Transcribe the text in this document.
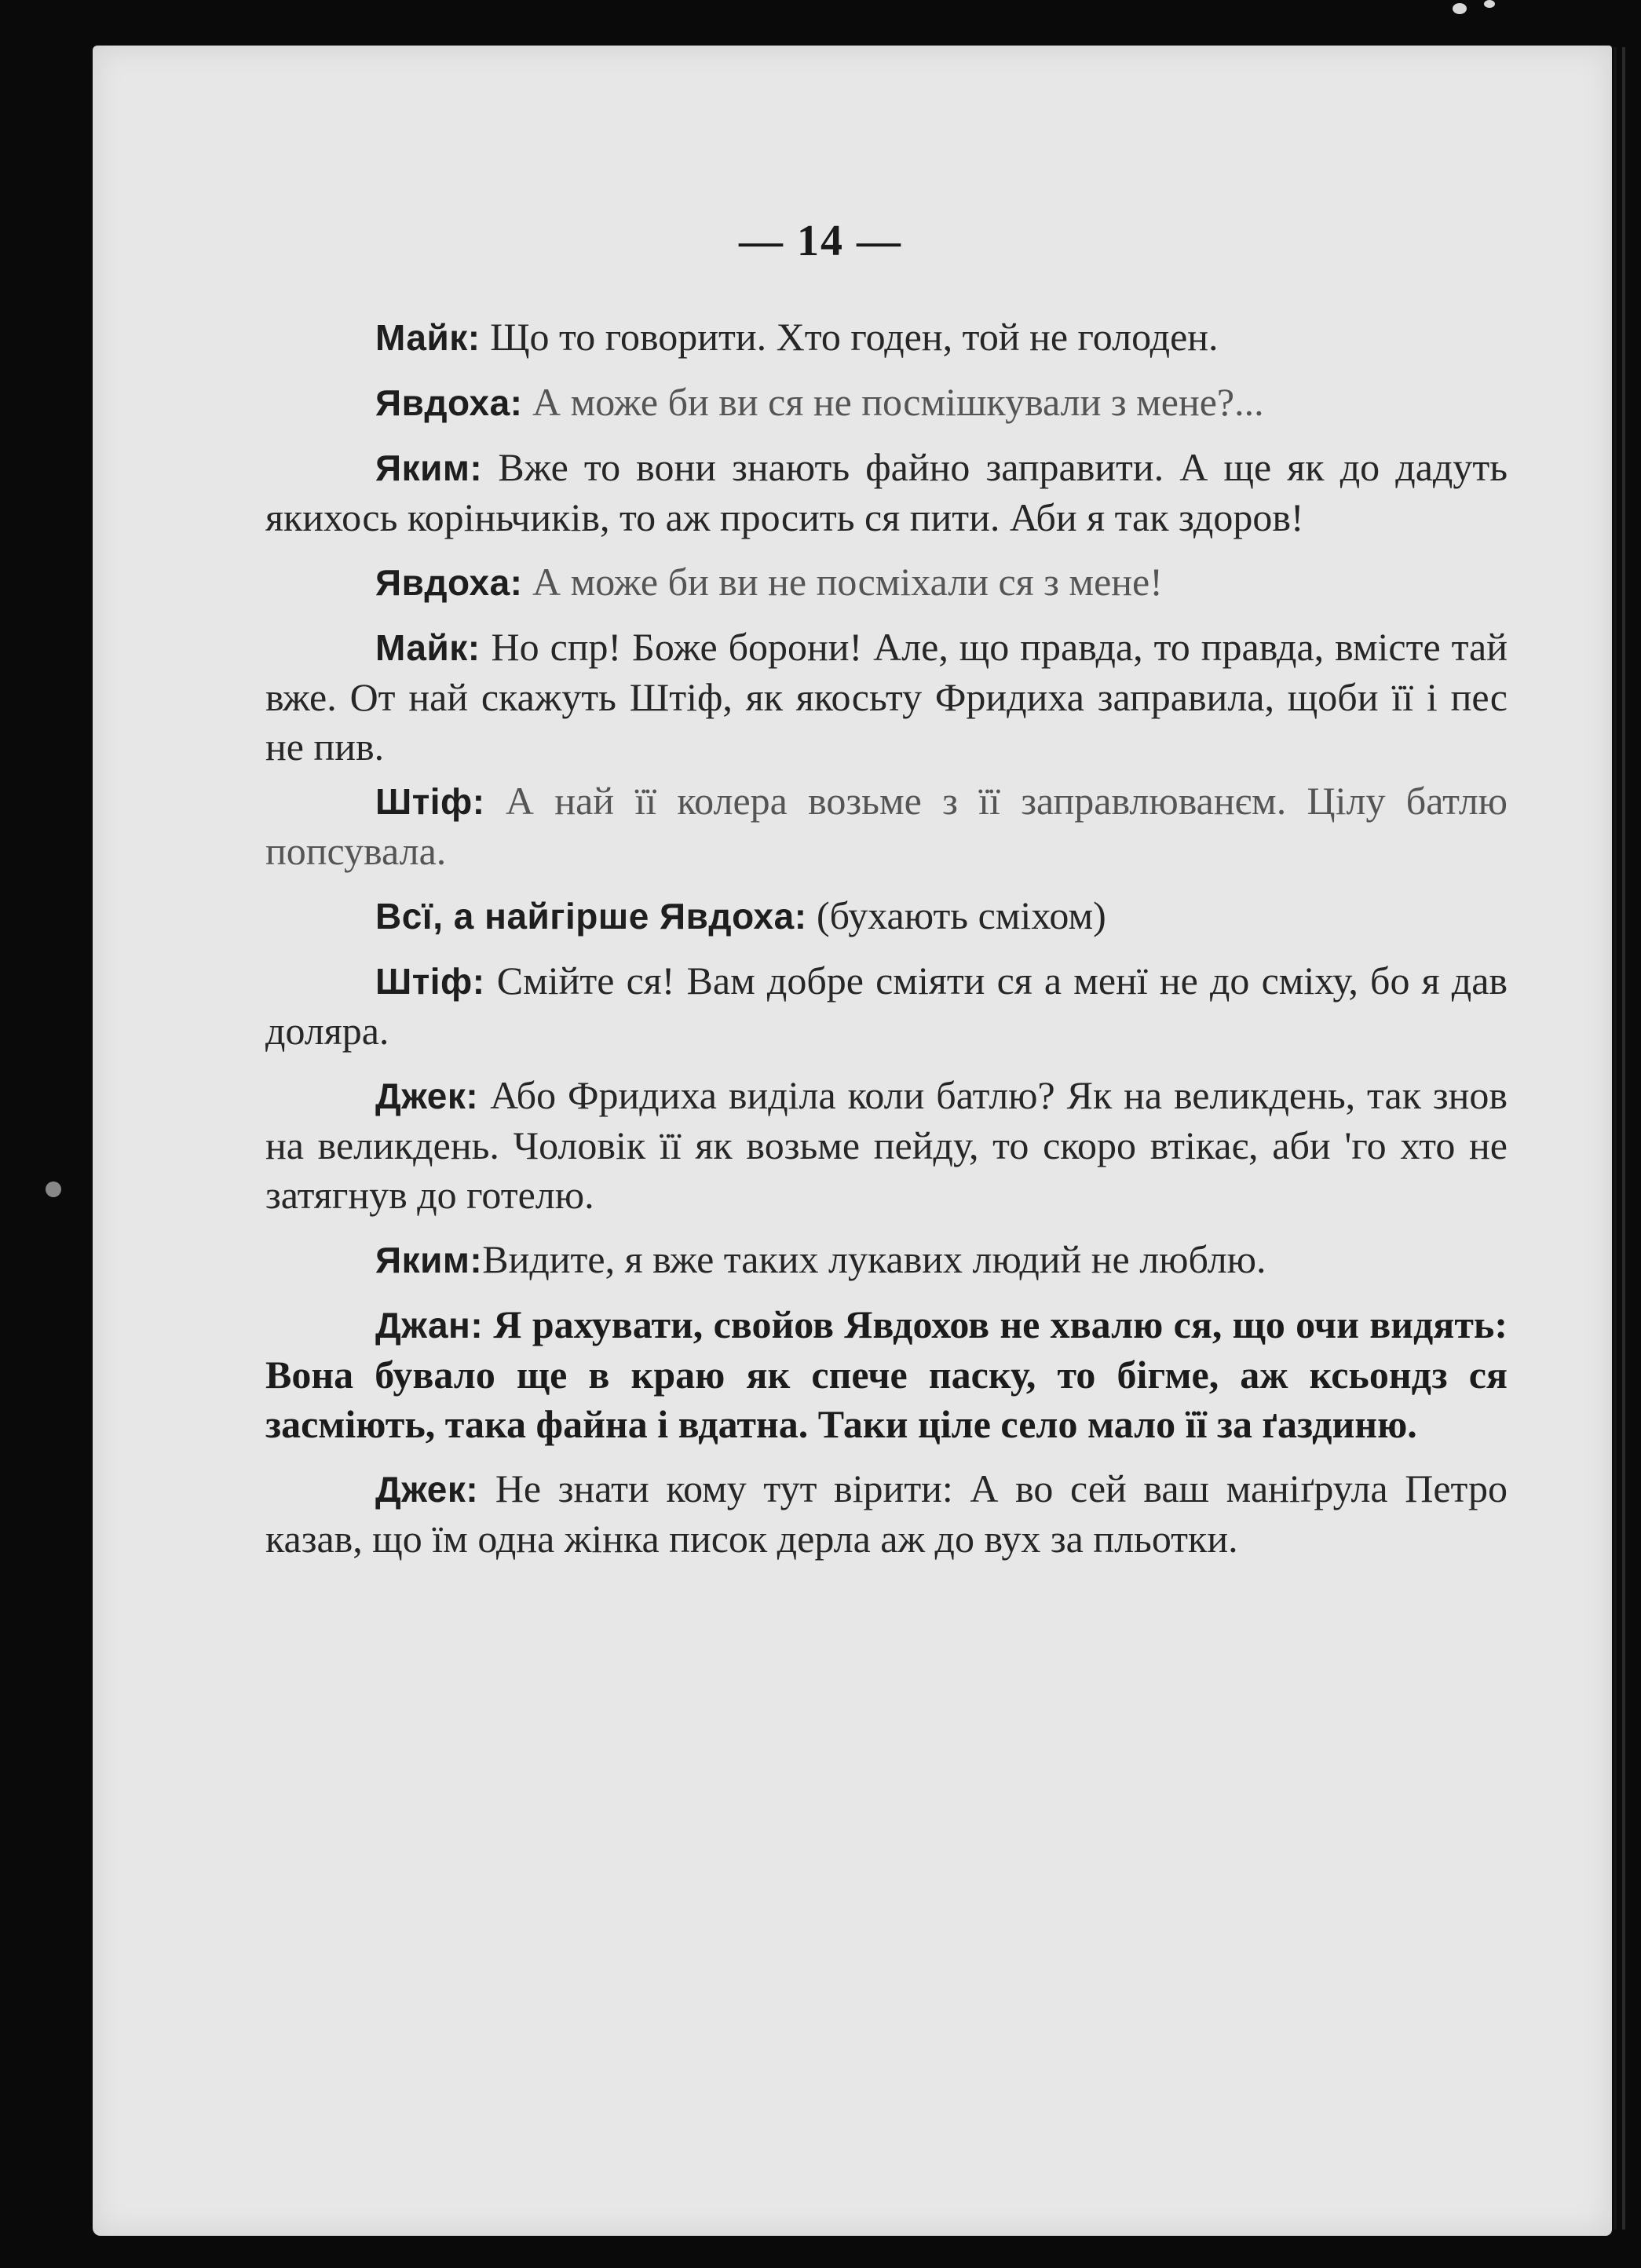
— 14 —

Майк: Що то говорити. Хто годен, той не голоден.

Явдоха: А може би ви ся не посмішкували з мене?...

Яким: Вже то вони знають файно заправити. А ще як до дадуть якихось коріньчиків, то аж просить ся пити. Аби я так здоров!

Явдоха: А може би ви не посміхали ся з мене!

Майк: Но спр! Боже борони! Але, що правда, то правда, вмісте тай вже. От най скажуть Штіф, як якосьту Фридиха заправила, щоби її і пес не пив.

Штіф: А най її колера возьме з її заправлюванєм. Цілу батлю попсувала.

Всї, а найгірше Явдоха: (бухають сміхом)

Штіф: Смійте ся! Вам добре сміяти ся а менї не до сміху, бо я дав доляра.

Джек: Або Фридиха виділа коли батлю? Як на великдень, так знов на великдень. Чоловік її як возьме пейду, то скоро втікає, аби 'го хто не затягнув до готелю.

Яким:Видите, я вже таких лукавих людий не люблю.

Джан: Я рахувати, свойов Явдохов не хвалю ся, що очи видять: Вона бувало ще в краю як спече паску, то бігме, аж ксьондз ся засміють, така файна і вдатна. Таки ціле село мало її за ґаздиню.

Джек: Не знати кому тут вірити: А во сей ваш маніґрула Петро казав, що їм одна жінка писок дерла аж до вух за пльотки.
